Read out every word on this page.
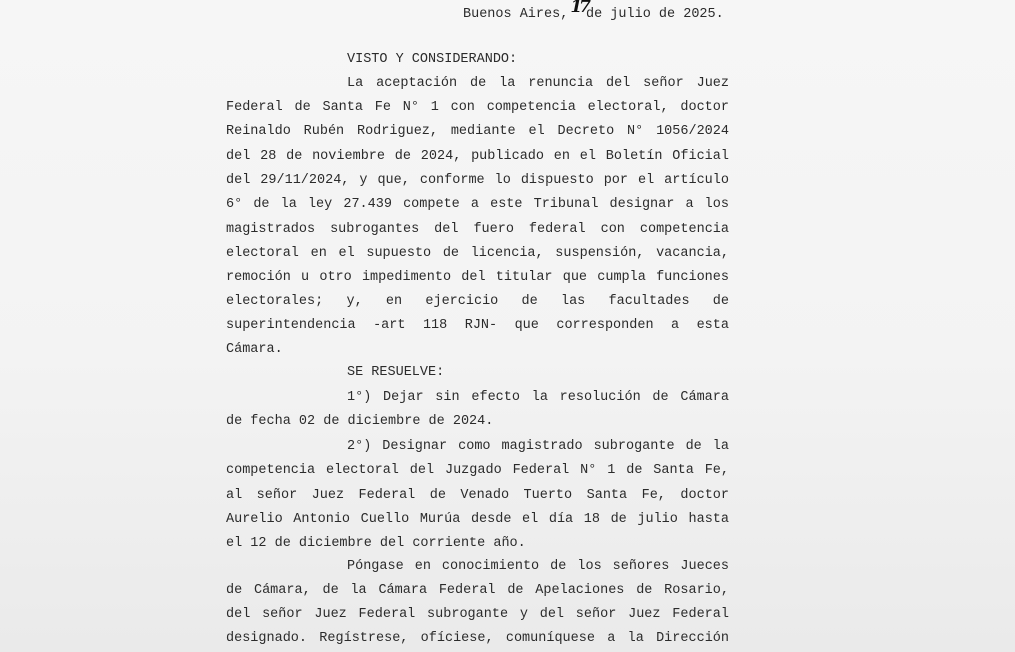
Buenos Aires, 17de julio de 2025.
VISTO Y CONSIDERANDO:
La aceptación de la renuncia del señor Juez
Federal de Santa Fe N° 1 con competencia electoral, doctor
Reinaldo Rubén Rodriguez, mediante el Decreto N° 1056/2024
del 28 de noviembre de 2024, publicado en el Boletín Oficial
del 29/11/2024, y que, conforme lo dispuesto por el artículo
6° de la ley 27.439 compete a este Tribunal designar a los
magistrados subrogantes del fuero federal con competencia
electoral en el supuesto de licencia, suspensión, vacancia,
remoción u otro impedimento del titular que cumpla funciones
electorales; y, en ejercicio de las facultades de
superintendencia -art 118 RJN- que corresponden a esta
Cámara.
SE RESUELVE:
1°) Dejar sin efecto la resolución de Cámara
de fecha 02 de diciembre de 2024.
2°) Designar como magistrado subrogante de la
competencia electoral del Juzgado Federal N° 1 de Santa Fe,
al señor Juez Federal de Venado Tuerto Santa Fe, doctor
Aurelio Antonio Cuello Murúa desde el día 18 de julio hasta
el 12 de diciembre del corriente año.
Póngase en conocimiento de los señores Jueces
de Cámara, de la Cámara Federal de Apelaciones de Rosario,
del señor Juez Federal subrogante y del señor Juez Federal
designado. Regístrese, ofíciese, comuníquese a la Dirección
